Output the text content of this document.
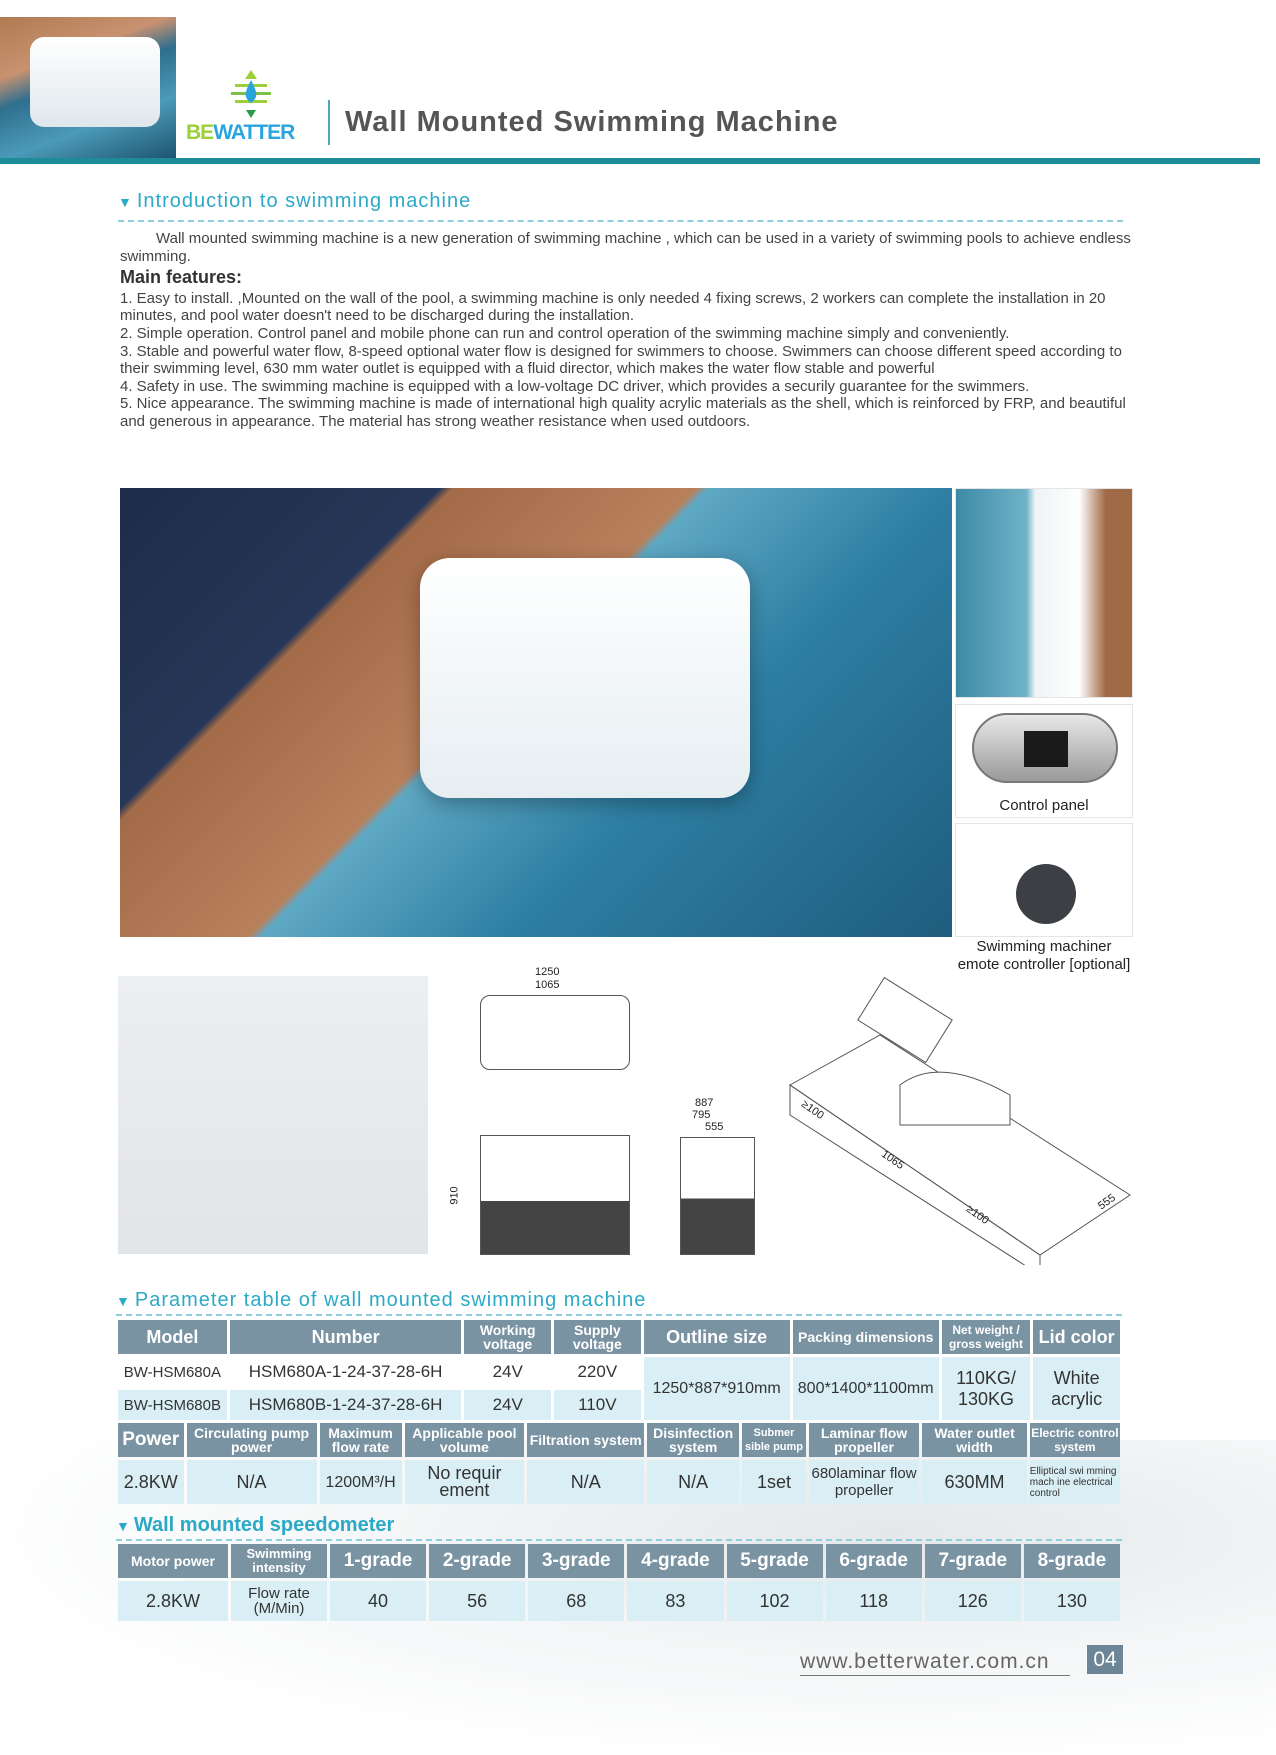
BEWATTER Wall Mounted Swimming Machine
▼ Introduction to swimming machine

Wall mounted swimming machine is a new generation of swimming machine , which can be used in a variety of swimming pools to achieve endless swimming.

Main features:

1. Easy to install. ,Mounted on the wall of the pool, a swimming machine is only needed 4 fixing screws, 2 workers can complete the installation in 20 minutes, and pool water doesn't need to be discharged during the installation.

2. Simple operation. Control panel and mobile phone can run and control operation of the swimming machine simply and conveniently.

3. Stable and powerful water flow, 8-speed optional water flow is designed for swimmers to choose. Swimmers can choose different speed according to their swimming level, 630 mm water outlet is equipped with a fluid director, which makes the water flow stable and powerful

4. Safety in use. The swimming machine is equipped with a low-voltage DC driver, which provides a securily guarantee for the swimmers.

5. Nice appearance. The swimming machine is made of international high quality acrylic materials as the shell, which is reinforced by FRP, and beautiful and generous in appearance. The material has strong weather resistance when used outdoors.

Control panel
Swimming machiner
emote controller [optional]
1250
1065
910
887
795
555
≥100
1065
≥100
555
▼ Parameter table of wall mounted swimming machine
Model	Number	Working voltage	Supply voltage	Outline size	Packing dimensions	Net weight / gross weight	Lid color
BW-HSM680A	HSM680A-1-24-37-28-6H	24V	220V	1250*887*910mm	800*1400*1100mm	110KG/ 130KG	White acrylic
BW-HSM680B	HSM680B-1-24-37-28-6H	24V	110V				
Power	Circulating pump power	Maximum flow rate	Applicable pool volume	Filtration system	Disinfection system	Submer sible pump	Laminar flow propeller	Water outlet width	Electric control system
2.8KW	N/A	1200M³/H	No requir ement	N/A	N/A	1set	680laminar flow propeller	630MM	Elliptical swi mming mach ine electrical control
▼ Wall mounted speedometer
Motor power	Swimming intensity	1-grade	2-grade	3-grade	4-grade	5-grade	6-grade	7-grade	8-grade
2.8KW	Flow rate (M/Min)	40	56	68	83	102	118	126	130
www.betterwater.com.cn	04
